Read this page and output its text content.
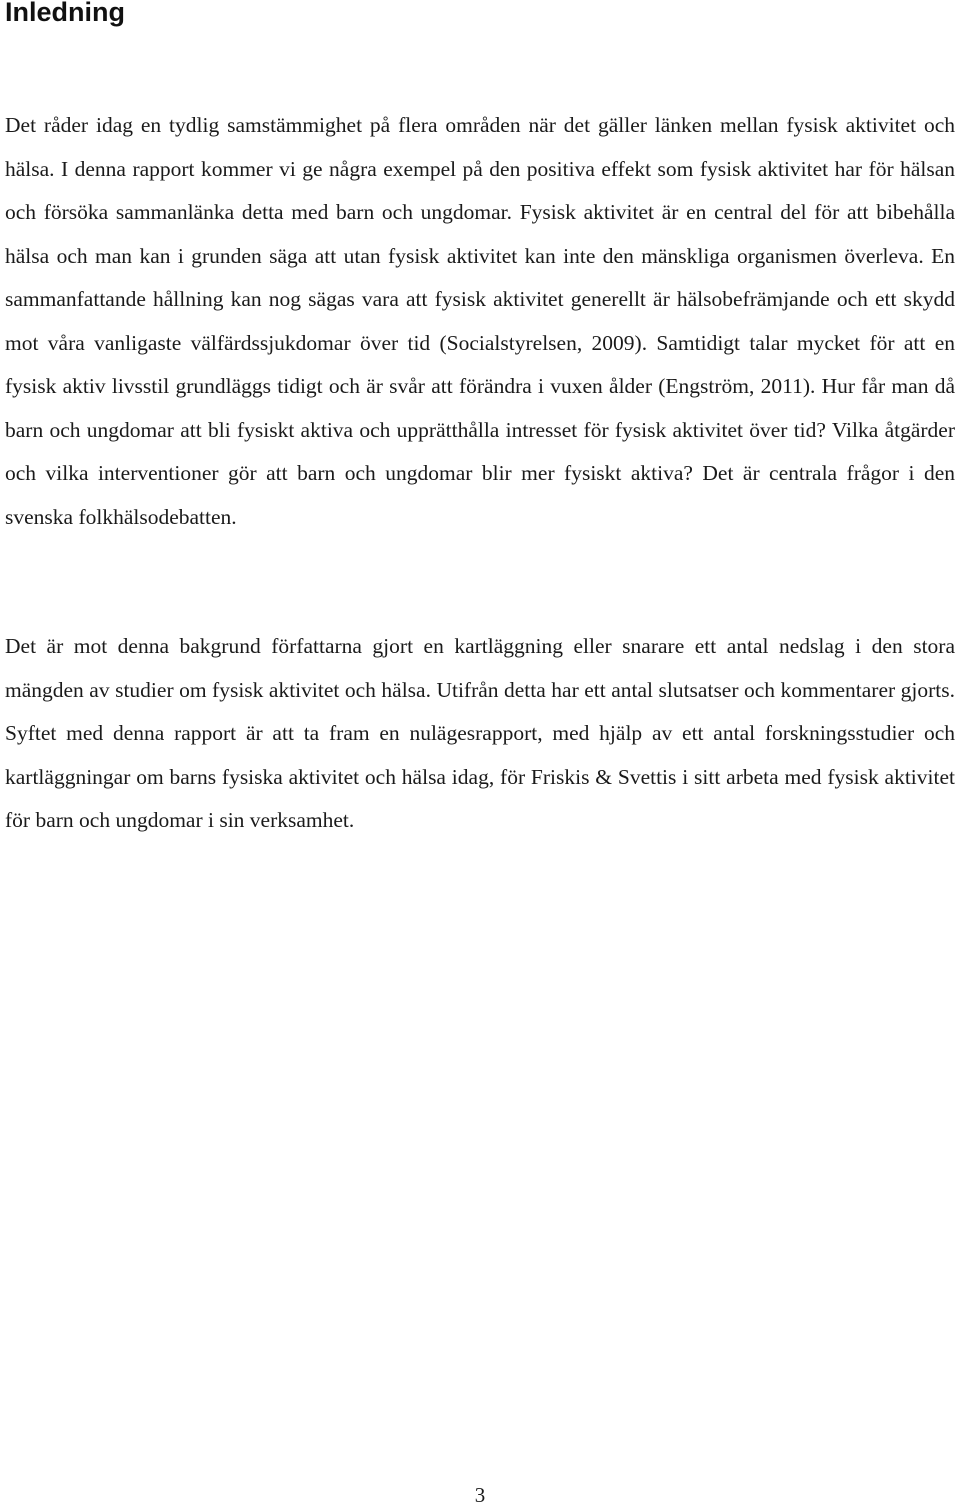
Inledning

Det råder idag en tydlig samstämmighet på flera områden när det gäller länken mellan fysisk aktivitet och hälsa. I denna rapport kommer vi ge några exempel på den positiva effekt som fysisk aktivitet har för hälsan och försöka sammanlänka detta med barn och ungdomar. Fysisk aktivitet är en central del för att bibehålla hälsa och man kan i grunden säga att utan fysisk aktivitet kan inte den mänskliga organismen överleva. En sammanfattande hållning kan nog sägas vara att fysisk aktivitet generellt är hälsobefrämjande och ett skydd mot våra vanligaste välfärdssjukdomar över tid (Socialstyrelsen, 2009). Samtidigt talar mycket för att en fysisk aktiv livsstil grundläggs tidigt och är svår att förändra i vuxen ålder (Engström, 2011). Hur får man då barn och ungdomar att bli fysiskt aktiva och upprätthålla intresset för fysisk aktivitet över tid? Vilka åtgärder och vilka interventioner gör att barn och ungdomar blir mer fysiskt aktiva? Det är centrala frågor i den svenska folkhälsodebatten.

Det är mot denna bakgrund författarna gjort en kartläggning eller snarare ett antal nedslag i den stora mängden av studier om fysisk aktivitet och hälsa. Utifrån detta har ett antal slutsatser och kommentarer gjorts. Syftet med denna rapport är att ta fram en nulägesrapport, med hjälp av ett antal forskningsstudier och kartläggningar om barns fysiska aktivitet och hälsa idag, för Friskis & Svettis i sitt arbeta med fysisk aktivitet för barn och ungdomar i sin verksamhet.

3
